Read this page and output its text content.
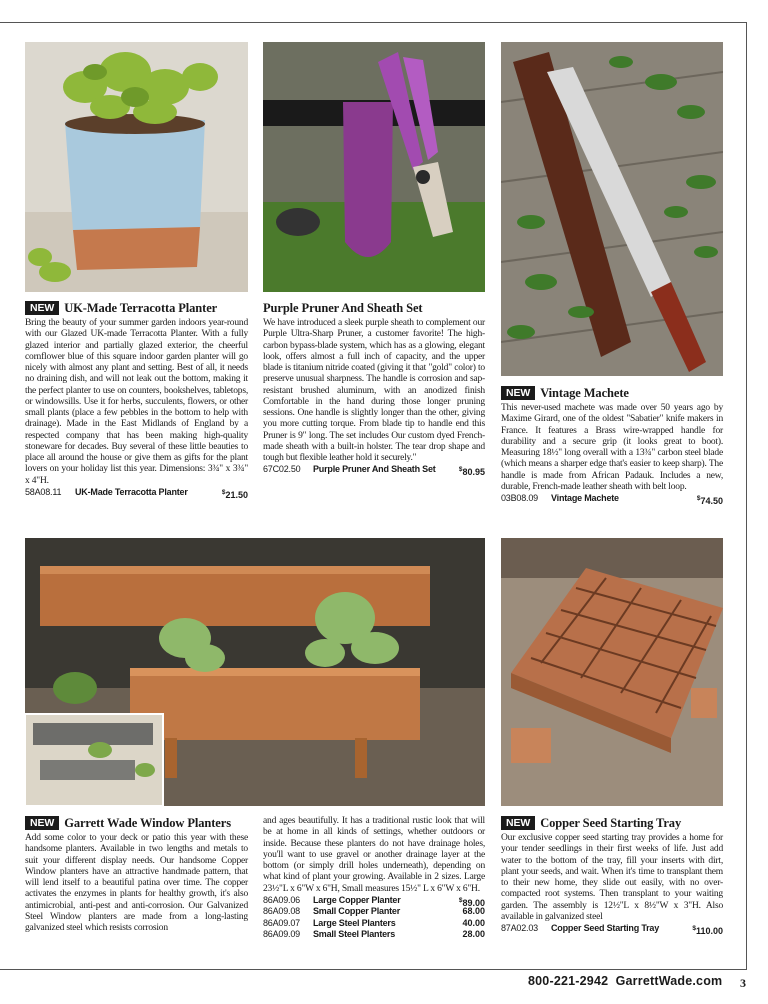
NEW UK-Made Terracotta Planter

Bring the beauty of your summer garden indoors year-round with our Glazed UK-made Terracotta Planter. With a fully glazed interior and partially glazed exterior, the cheerful cornflower blue of this square indoor garden planter will go nicely with almost any plant and setting. Best of all, it needs no draining dish, and will not leak out the bottom, making it the perfect planter to use on counters, bookshelves, tabletops, or windowsills. Use it for herbs, succulents, flowers, or other small plants (place a few pebbles in the bottom to help with drainage). Made in the East Midlands of England by a respected company that has been making high-quality stoneware for decades. Buy several of these little beauties to place all around the house or give them as gifts for the plant lovers on your holiday list this year. Dimensions: 3¾" x 3¾" x 4"H.

58A08.11 UK-Made Terracotta Planter	$21.50
Purple Pruner And Sheath Set

We have introduced a sleek purple sheath to complement our Purple Ultra-Sharp Pruner, a customer favorite! The high-carbon bypass-blade system, which has as a glowing, elegant look, offers almost a full inch of capacity, and the upper blade is titanium nitride coated (giving it that "gold" color) to preserve unusual sharpness. The handle is corrosion and sap-resistant brushed aluminum, with an anodized finish Comfortable in the hand during those longer pruning sessions. One handle is slightly longer than the other, giving you more cutting torque. From blade tip to handle end this Pruner is 9" long. The set includes Our custom dyed French-made sheath with a built-in holster. The tear drop shape and tough but flexible leather hold it securely."

67C02.50 Purple Pruner And Sheath Set	$80.95
NEW Vintage Machete

This never-used machete was made over 50 years ago by Maxime Girard, one of the oldest "Sabatier" knife makers in France. It features a Brass wire-wrapped handle for durability and a secure grip (it looks great to boot). Measuring 18½" long overall with a 13¾" carbon steel blade (which means a sharper edge that's easier to keep sharp). The handle is made from African Padauk. Includes a new, durable, French-made leather sheath with belt loop.

03B08.09 Vintage Machete	$74.50
NEW Garrett Wade Window Planters

Add some color to your deck or patio this year with these handsome planters. Available in two lengths and metals to suit your different display needs. Our handsome Copper Window planters have an attractive handmade pattern, that will lend itself to a beautiful patina over time. The copper activates the enzymes in plants for healthy growth, it's also antimicrobial, anti-pest and anti-corrosion. Our Galvanized Steel Window planters are made from a long-lasting galvanized steel which resists corrosion

and ages beautifully. It has a traditional rustic look that will be at home in all kinds of settings, whether outdoors or inside. Because these planters do not have drainage holes, you'll want to use gravel or another drainage layer at the bottom (or simply drill holes underneath), depending on what kind of plant your growing. Available in 2 sizes. Large 23½"L x 6"W x 6"H, Small measures 15½" L x 6"W x 6"H.

86A09.06 Large Copper Planter	$89.00
86A09.08 Small Copper Planter	68.00
86A09.07 Large Steel Planters	40.00
86A09.09 Small Steel Planters	28.00
NEW Copper Seed Starting Tray

Our exclusive copper seed starting tray provides a home for your tender seedlings in their first weeks of life. Just add water to the bottom of the tray, fill your inserts with dirt, plant your seeds, and wait. When it's time to transplant them to their new home, they slide out easily, with no over-compacted root systems. Then transplant to your waiting garden. The assembly is 12½"L x 8½"W x 3"H. Also available in galvanized steel

87A02.03 Copper Seed Starting Tray	$110.00
800-221-2942 GarrettWade.com 3
